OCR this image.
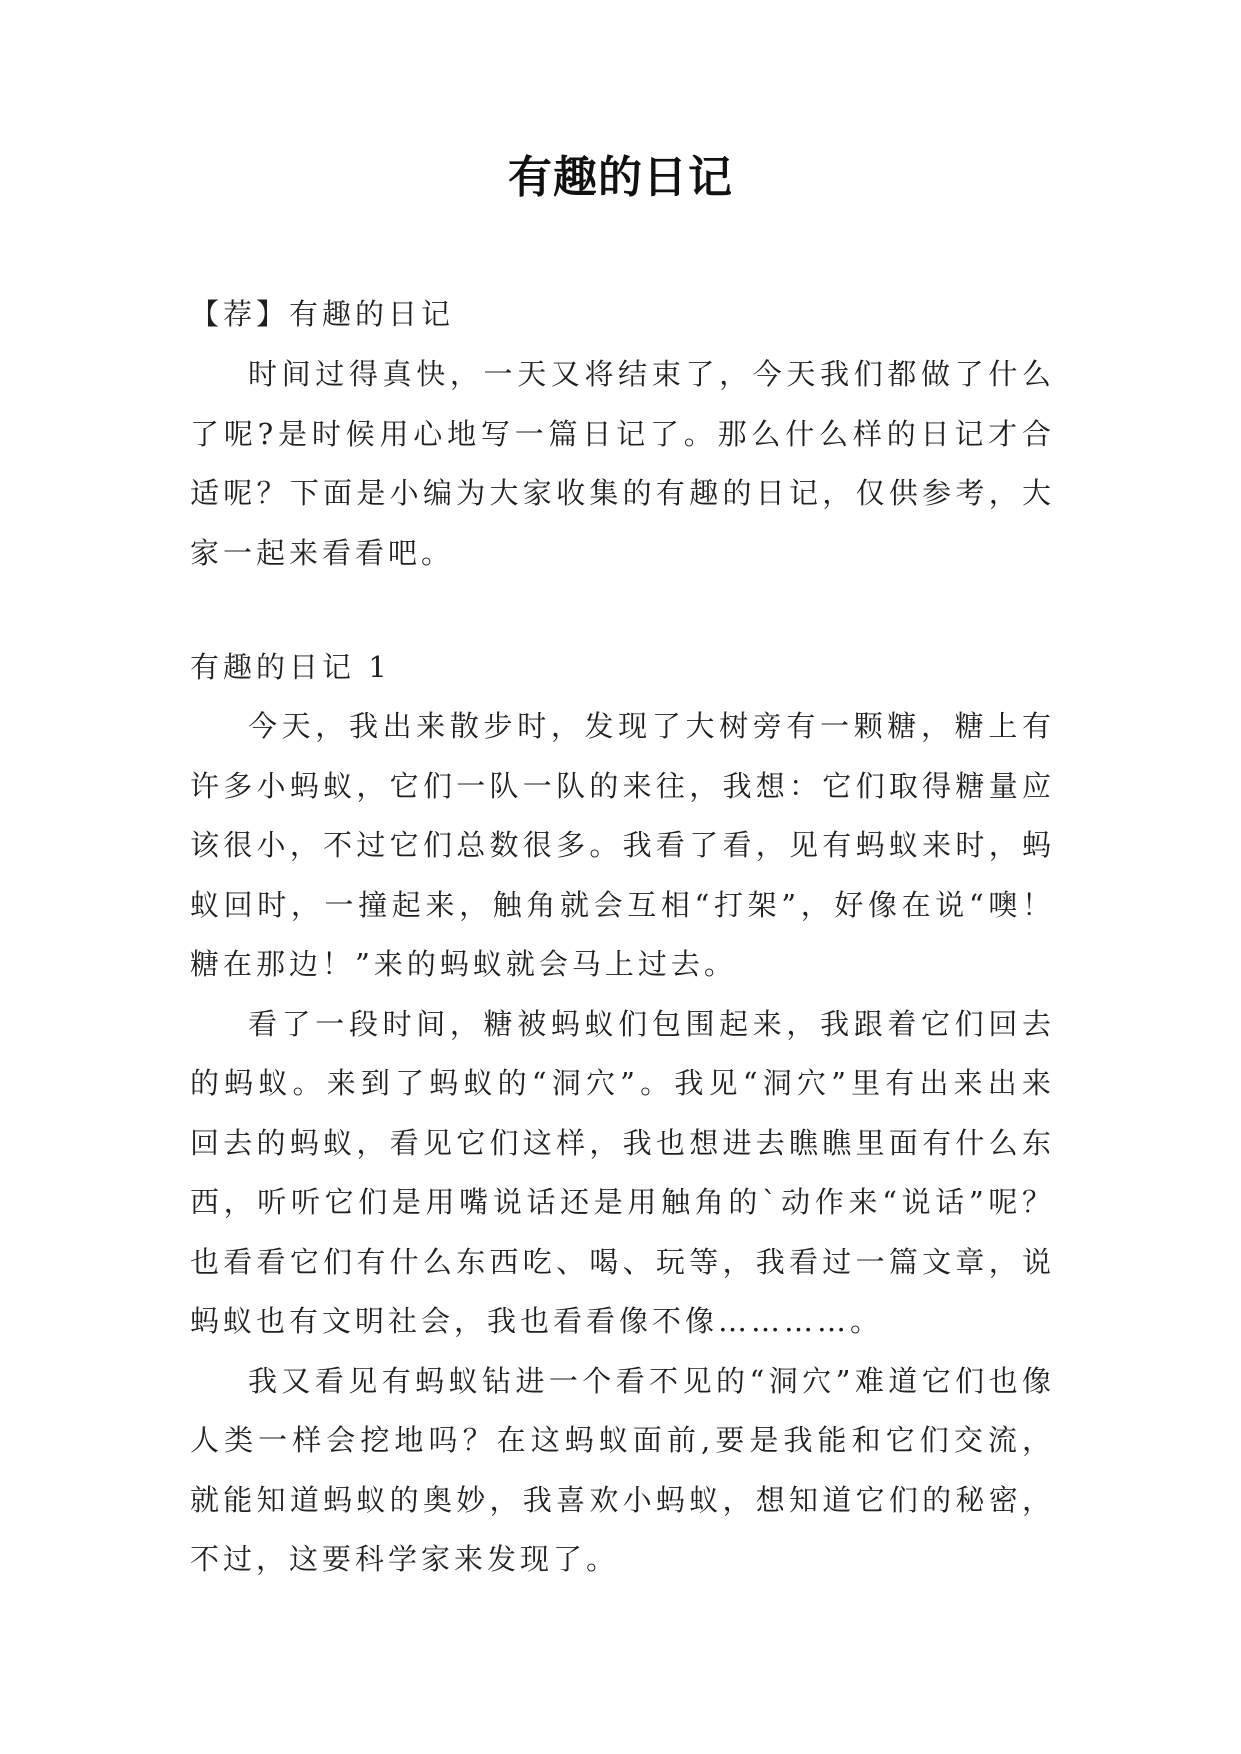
有趣的日记

【荐】有趣的日记

时间过得真快，一天又将结束了，今天我们都做了什么了呢?是时候用心地写一篇日记了。那么什么样的日记才合适呢？下面是小编为大家收集的有趣的日记，仅供参考，大家一起来看看吧。

有趣的日记 1

今天，我出来散步时，发现了大树旁有一颗糖，糖上有许多小蚂蚁，它们一队一队的来往，我想：它们取得糖量应该很小，不过它们总数很多。我看了看，见有蚂蚁来时，蚂蚁回时，一撞起来，触角就会互相“打架”，好像在说“噢！糖在那边！”来的蚂蚁就会马上过去。

看了一段时间，糖被蚂蚁们包围起来，我跟着它们回去的蚂蚁。来到了蚂蚁的“洞穴”。我见“洞穴”里有出来出来回去的蚂蚁，看见它们这样，我也想进去瞧瞧里面有什么东西，听听它们是用嘴说话还是用触角的`动作来“说话”呢？也看看它们有什么东西吃、喝、玩等，我看过一篇文章，说蚂蚁也有文明社会，我也看看像不像…………。

我又看见有蚂蚁钻进一个看不见的“洞穴”难道它们也像人类一样会挖地吗？在这蚂蚁面前,要是我能和它们交流，就能知道蚂蚁的奥妙，我喜欢小蚂蚁，想知道它们的秘密，不过，这要科学家来发现了。
